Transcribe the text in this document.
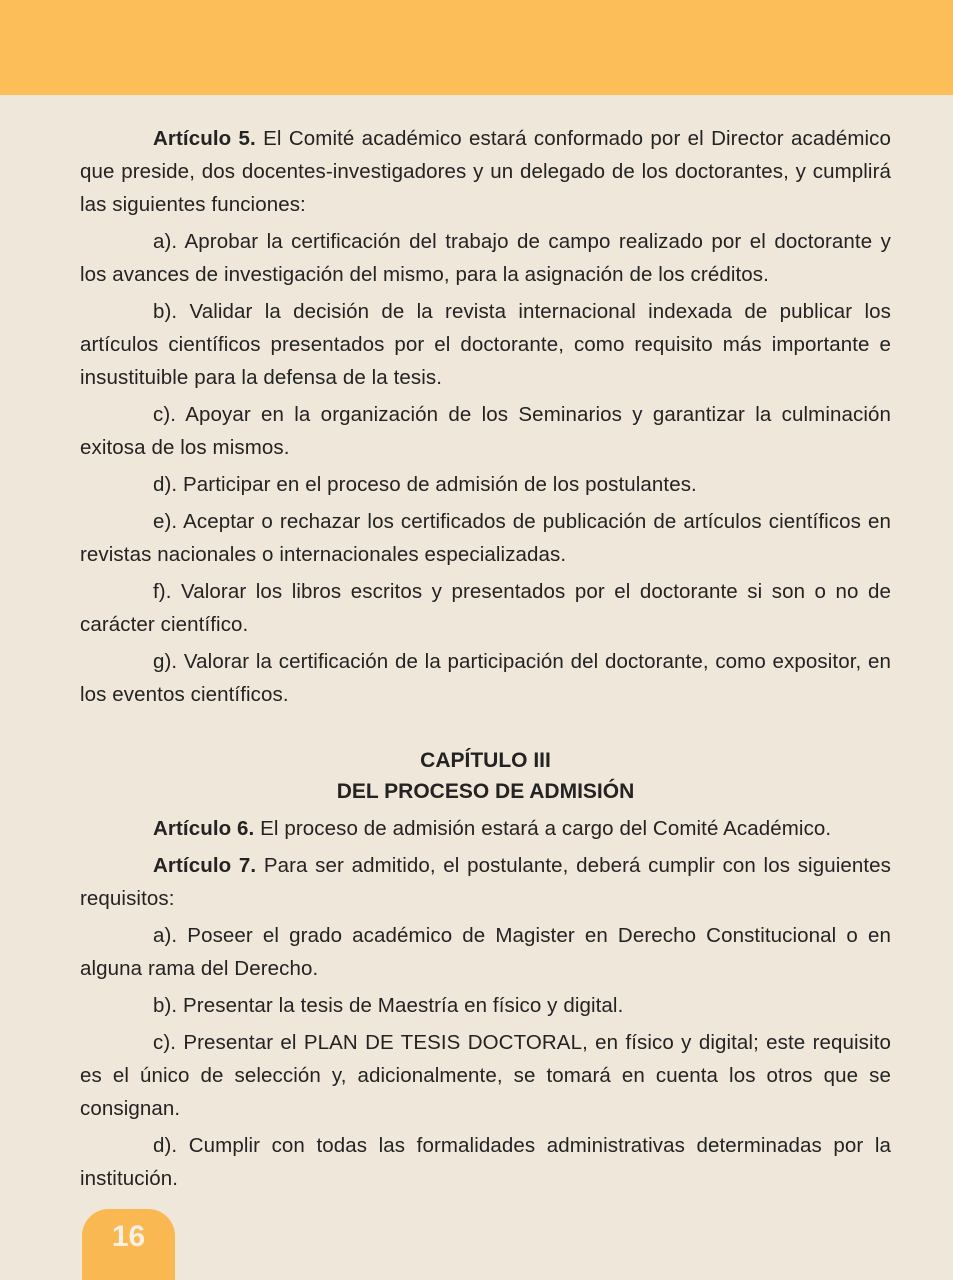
Artículo 5. El Comité académico estará conformado por el Director académico que preside, dos docentes-investigadores y un delegado de los doctorantes, y cumplirá las siguientes funciones:

a). Aprobar la certificación del trabajo de campo realizado por el doctorante y los avances de investigación del mismo, para la asignación de los créditos.

b). Validar la decisión de la revista internacional indexada de publicar los artículos científicos presentados por el doctorante, como requisito más importante e insustituible para la defensa de la tesis.

c). Apoyar en la organización de los Seminarios y garantizar la culminación exitosa de los mismos.

d). Participar en el proceso de admisión de los postulantes.

e). Aceptar o rechazar los certificados de publicación de artículos científicos en revistas nacionales o internacionales especializadas.

f). Valorar los libros escritos y presentados por el doctorante si son o no de carácter científico.

g). Valorar la certificación de la participación del doctorante, como expositor, en los eventos científicos.

CAPÍTULO III
DEL PROCESO DE ADMISIÓN

Artículo 6. El proceso de admisión estará a cargo del Comité Académico.

Artículo 7. Para ser admitido, el postulante, deberá cumplir con los siguientes requisitos:

a). Poseer el grado académico de Magister en Derecho Constitucional o en alguna rama del Derecho.

b). Presentar la tesis de Maestría en físico y digital.

c). Presentar el PLAN DE TESIS DOCTORAL, en físico y digital; este requisito es el único de selección y, adicionalmente, se tomará en cuenta los otros que se consignan.

d). Cumplir con todas las formalidades administrativas determinadas por la institución.

16
